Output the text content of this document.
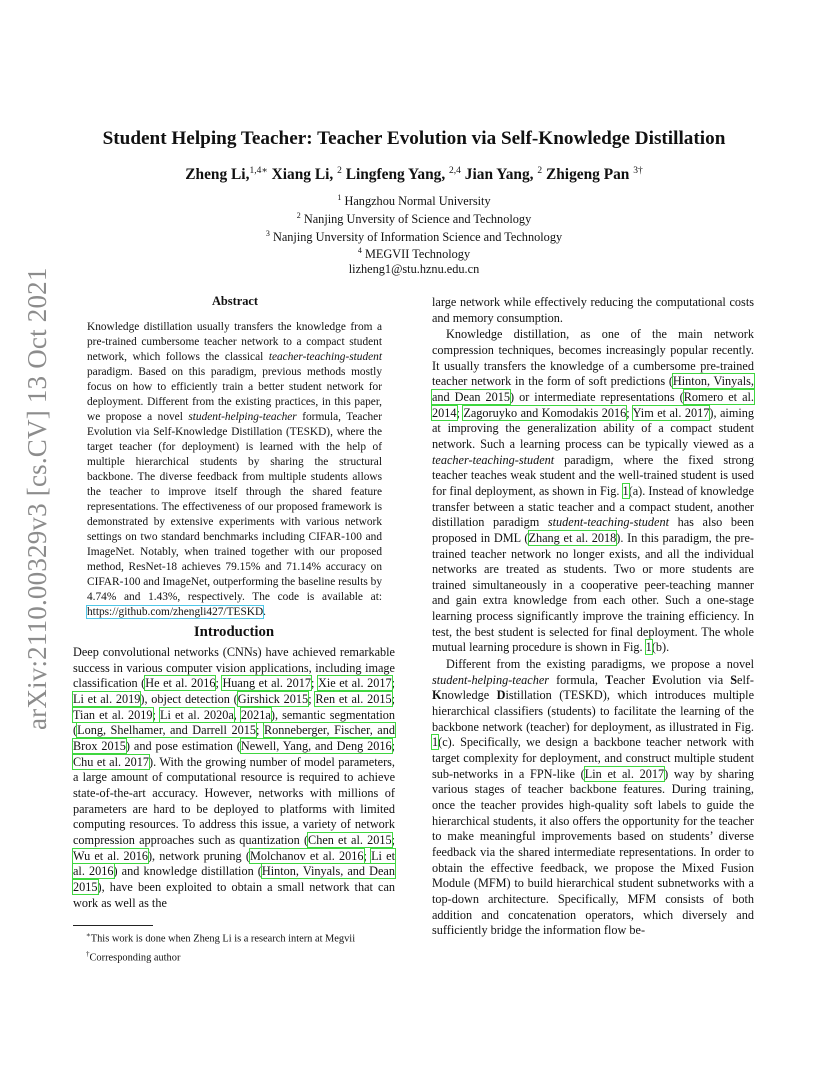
arXiv:2110.00329v3 [cs.CV] 13 Oct 2021
Student Helping Teacher: Teacher Evolution via Self-Knowledge Distillation
Zheng Li,$^{1,4∗}$ Xiang Li, $^2$ Lingfeng Yang, $^{2,4}$ Jian Yang, $^2$ Zhigeng Pan $^{3\dagger}$
$^1$ Hangzhou Normal University
$^2$ Nanjing Unversity of Science and Technology
$^3$ Nanjing Unversity of Information Science and Technology
$^4$ MEGVII Technology
lizheng1@stu.hznu.edu.cn
Abstract

Knowledge distillation usually transfers the knowledge from a pre-trained cumbersome teacher network to a compact student network, which follows the classical teacher-teaching-student paradigm. Based on this paradigm, previous methods mostly focus on how to efficiently train a better student network for deployment. Different from the existing practices, in this paper, we propose a novel student-helping-teacher formula, Teacher Evolution via Self-Knowledge Distillation (TESKD), where the target teacher (for deployment) is learned with the help of multiple hierarchical students by sharing the structural backbone. The diverse feedback from multiple students allows the teacher to improve itself through the shared feature representations. The effectiveness of our proposed framework is demonstrated by extensive experiments with various network settings on two standard benchmarks including CIFAR-100 and ImageNet. Notably, when trained together with our proposed method, ResNet-18 achieves 79.15% and 71.14% accuracy on CIFAR-100 and ImageNet, outperforming the baseline results by 4.74% and 1.43%, respectively. The code is available at: https://github.com/zhengli427/TESKD.

Introduction

Deep convolutional networks (CNNs) have achieved remarkable success in various computer vision applications, including image classification (He et al. 2016; Huang et al. 2017; Xie et al. 2017; Li et al. 2019), object detection (Girshick 2015; Ren et al. 2015; Tian et al. 2019; Li et al. 2020a, 2021a), semantic segmentation (Long, Shelhamer, and Darrell 2015; Ronneberger, Fischer, and Brox 2015) and pose estimation (Newell, Yang, and Deng 2016; Chu et al. 2017). With the growing number of model parameters, a large amount of computational resource is required to achieve state-of-the-art accuracy. However, networks with millions of parameters are hard to be deployed to platforms with limited computing resources. To address this issue, a variety of network compression approaches such as quantization (Chen et al. 2015; Wu et al. 2016), network pruning (Molchanov et al. 2016; Li et al. 2016) and knowledge distillation (Hinton, Vinyals, and Dean 2015), have been exploited to obtain a small network that can work as well as the

large network while effectively reducing the computational costs and memory consumption.

Knowledge distillation, as one of the main network compression techniques, becomes increasingly popular recently. It usually transfers the knowledge of a cumbersome pre-trained teacher network in the form of soft predictions (Hinton, Vinyals, and Dean 2015) or intermediate representations (Romero et al. 2014; Zagoruyko and Komodakis 2016; Yim et al. 2017), aiming at improving the generalization ability of a compact student network. Such a learning process can be typically viewed as a teacher-teaching-student paradigm, where the fixed strong teacher teaches weak student and the well-trained student is used for final deployment, as shown in Fig. 1(a). Instead of knowledge transfer between a static teacher and a compact student, another distillation paradigm student-teaching-student has also been proposed in DML (Zhang et al. 2018). In this paradigm, the pre-trained teacher network no longer exists, and all the individual networks are treated as students. Two or more students are trained simultaneously in a cooperative peer-teaching manner and gain extra knowledge from each other. Such a one-stage learning process significantly improve the training efficiency. In test, the best student is selected for final deployment. The whole mutual learning procedure is shown in Fig. 1(b).

Different from the existing paradigms, we propose a novel student-helping-teacher formula, Teacher Evolution via Self-Knowledge Distillation (TESKD), which introduces multiple hierarchical classifiers (students) to facilitate the learning of the backbone network (teacher) for deployment, as illustrated in Fig. 1(c). Specifically, we design a backbone teacher network with target complexity for deployment, and construct multiple student sub-networks in a FPN-like (Lin et al. 2017) way by sharing various stages of teacher backbone features. During training, once the teacher provides high-quality soft labels to guide the hierarchical students, it also offers the opportunity for the teacher to make meaningful improvements based on students’ diverse feedback via the shared intermediate representations. In order to obtain the effective feedback, we propose the Mixed Fusion Module (MFM) to build hierarchical student subnetworks with a top-down architecture. Specifically, MFM consists of both addition and concatenation operators, which diversely and sufficiently bridge the information flow be-

∗This work is done when Zheng Li is a research intern at Megvii
†Corresponding author
